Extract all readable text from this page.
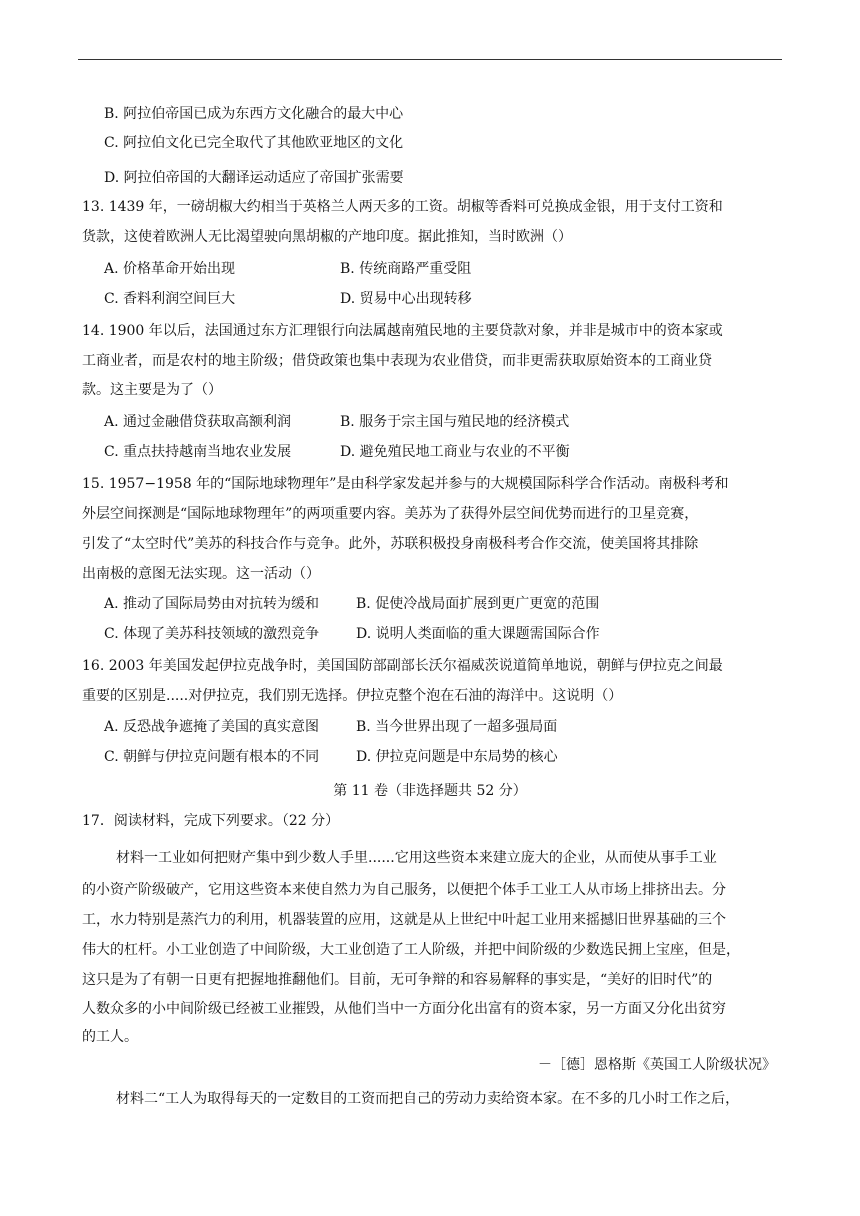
B. 阿拉伯帝国已成为东西方文化融合的最大中心
C. 阿拉伯文化已完全取代了其他欧亚地区的文化
D. 阿拉伯帝国的大翻译运动适应了帝国扩张需要
13. 1439 年，一磅胡椒大约相当于英格兰人两天多的工资。胡椒等香料可兑换成金银，用于支付工资和
货款，这使着欧洲人无比渴望驶向黑胡椒的产地印度。据此推知，当时欧洲（）
A. 价格革命开始出现	B. 传统商路严重受阻
C. 香料利润空间巨大	D. 贸易中心出现转移
14. 1900 年以后，法国通过东方汇理银行向法属越南殖民地的主要贷款对象，并非是城市中的资本家或
工商业者，而是农村的地主阶级；借贷政策也集中表现为农业借贷，而非更需获取原始资本的工商业贷
款。这主要是为了（）
A. 通过金融借贷获取高额利润	B. 服务于宗主国与殖民地的经济模式
C. 重点扶持越南当地农业发展	D. 避免殖民地工商业与农业的不平衡
15. 1957−1958 年的“国际地球物理年”是由科学家发起并参与的大规模国际科学合作活动。南极科考和
外层空间探测是“国际地球物理年”的两项重要内容。美苏为了获得外层空间优势而进行的卫星竞赛，
引发了“太空时代”美苏的科技合作与竞争。此外，苏联积极投身南极科考合作交流，使美国将其排除
出南极的意图无法实现。这一活动（）
A. 推动了国际局势由对抗转为缓和	B. 促使冷战局面扩展到更广更宽的范围
C. 体现了美苏科技领域的激烈竞争	D. 说明人类面临的重大课题需国际合作
16. 2003 年美国发起伊拉克战争时，美国国防部副部长沃尔福威茨说道简单地说，朝鲜与伊拉克之间最
重要的区别是.....对伊拉克，我们别无选择。伊拉克整个泡在石油的海洋中。这说明（）
A. 反恐战争遮掩了美国的真实意图	B. 当今世界出现了一超多强局面
C. 朝鲜与伊拉克问题有根本的不同	D. 伊拉克问题是中东局势的核心
第 11 卷（非选择题共 52 分）
17．阅读材料，完成下列要求。（22 分）
材料一工业如何把财产集中到少数人手里......它用这些资本来建立庞大的企业，从而使从事手工业
的小资产阶级破产，它用这些资本来使自然力为自己服务，以便把个体手工业工人从市场上排挤出去。分
工，水力特别是蒸汽力的利用，机器装置的应用，这就是从上世纪中叶起工业用来摇撼旧世界基础的三个
伟大的杠杆。小工业创造了中间阶级，大工业创造了工人阶级，并把中间阶级的少数选民拥上宝座，但是，
这只是为了有朝一日更有把握地推翻他们。目前，无可争辩的和容易解释的事实是，“美好的旧时代”的
人数众多的小中间阶级已经被工业摧毁，从他们当中一方面分化出富有的资本家，另一方面又分化出贫穷
的工人。
－［德］恩格斯《英国工人阶级状况》
材料二“工人为取得每天的一定数目的工资而把自己的劳动力卖给资本家。在不多的几小时工作之后，
